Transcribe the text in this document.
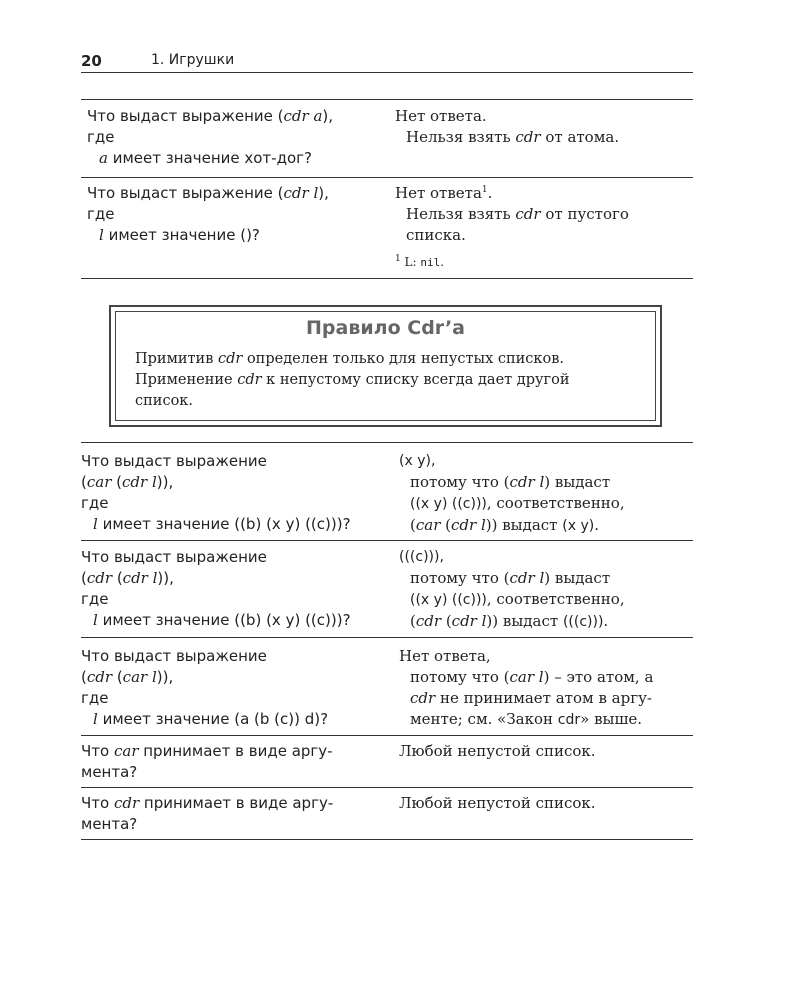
20	1. Игрушки
Что выдаст выражение (cdr a),
где
a имеет значение хот-дог?
Нет ответа.
Нельзя взять cdr от атома.
Что выдаст выражение (cdr l),
где
l имеет значение ()?
Нет ответа$^1$.
Нельзя взять cdr от пустого
списка.
$^1$ L: nil.
Правило Cdr’а
Примитив cdr определен только для непустых списков.
Применение cdr к непустому списку всегда дает другой
список.
Что выдаст выражение
(car (cdr l)),
где
l имеет значение ((b) (x y) ((c)))?
(x y),
потому что (cdr l) выдаст
((x y) ((c))), соответственно,
(car (cdr l)) выдаст (x y).
Что выдаст выражение
(cdr (cdr l)),
где
l имеет значение ((b) (x y) ((c)))?
(((c))),
потому что (cdr l) выдаст
((x y) ((c))), соответственно,
(cdr (cdr l)) выдаст (((c))).
Что выдаст выражение
(cdr (car l)),
где
l имеет значение (a (b (c)) d)?
Нет ответа,
потому что (car l) – это атом, а
cdr не принимает атом в аргу-
менте; см. «Закон cdr» выше.
Что car принимает в виде аргу-
мента?
Любой непустой список.
Что cdr принимает в виде аргу-
мента?
Любой непустой список.
